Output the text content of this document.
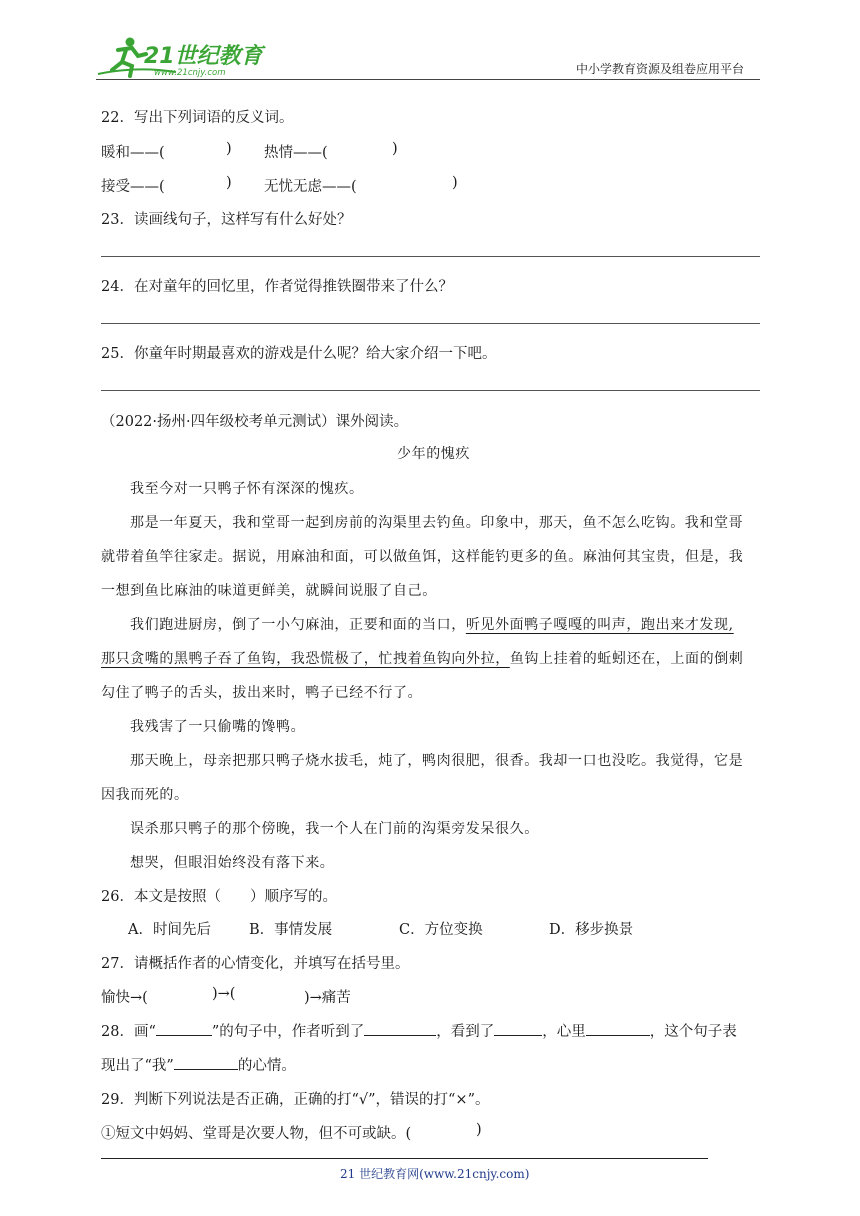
21世纪教育
www.21cnjy.com	中小学教育资源及组卷应用平台
22．写出下列词语的反义词。
暖和——(	) 热情——(	)
接受——(	) 无忧无虑——(	)
23．读画线句子，这样写有什么好处？
24．在对童年的回忆里，作者觉得推铁圈带来了什么？
25．你童年时期最喜欢的游戏是什么呢？给大家介绍一下吧。
（2022·扬州·四年级校考单元测试）课外阅读。
少年的愧疚
我至今对一只鸭子怀有深深的愧疚。
那是一年夏天，我和堂哥一起到房前的沟渠里去钓鱼。印象中，那天，鱼不怎么吃钩。我和堂哥
就带着鱼竿往家走。据说，用麻油和面，可以做鱼饵，这样能钓更多的鱼。麻油何其宝贵，但是，我
一想到鱼比麻油的味道更鲜美，就瞬间说服了自己。
我们跑进厨房，倒了一小勺麻油，正要和面的当口，听见外面鸭子嘎嘎的叫声，跑出来才发现,
那只贪嘴的黑鸭子吞了鱼钩，我恐慌极了，忙拽着鱼钩向外拉，鱼钩上挂着的蚯蚓还在，上面的倒刺
勾住了鸭子的舌头，拔出来时，鸭子已经不行了。
我残害了一只偷嘴的馋鸭。
那天晚上，母亲把那只鸭子烧水拔毛，炖了，鸭肉很肥，很香。我却一口也没吃。我觉得，它是
因我而死的。
误杀那只鸭子的那个傍晚，我一个人在门前的沟渠旁发呆很久。
想哭，但眼泪始终没有落下来。
26．本文是按照（　　）顺序写的。
A．时间先后	B．事情发展	C．方位变换	D．移步换景
27．请概括作者的心情变化，并填写在括号里。
愉快→(	)→(	)→痛苦
28．画“	”的句子中，作者听到了	，看到了	，心里	，这个句子表
现出了“我”	的心情。
29．判断下列说法是否正确，正确的打“√”，错误的打“×”。
①短文中妈妈、堂哥是次要人物，但不可或缺。(	)
21 世纪教育网(www.21cnjy.com)
